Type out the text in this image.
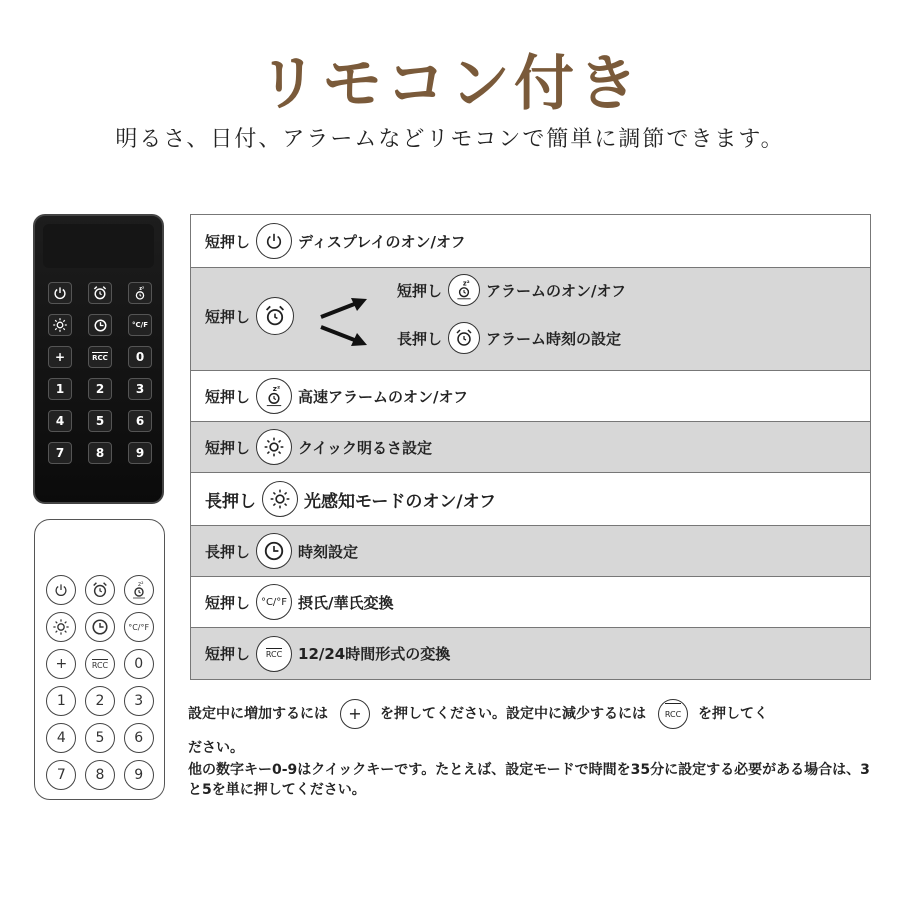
リモコン付き
明るさ、日付、アラームなどリモコンで簡単に調節できます。
z²
°C/F
+	RCC	0
1	2	3
4	5	6
7	8	9
z²
°C/°F
+	RCC	0
1	2	3
4	5	6
7	8	9
短押し	ディスプレイのオン/オフ
短押し
短押し	z² アラームのオン/オフ
長押し	アラーム時刻の設定
短押し	z² 高速アラームのオン/オフ
短押し	クイック明るさ設定
長押し	光感知モードのオン/オフ
長押し	時刻設定
短押し °C/°F 摂氏/華氏変換
短押し RCC 12/24時間形式の変換
設定中に増加するには + を押してください。設定中に減少するには RCC を押してく
ださい。
他の数字キー0-9はクイックキーです。たとえば、設定モードで時間を35分に設定する必要がある場合は、3と5を単に押してください。
